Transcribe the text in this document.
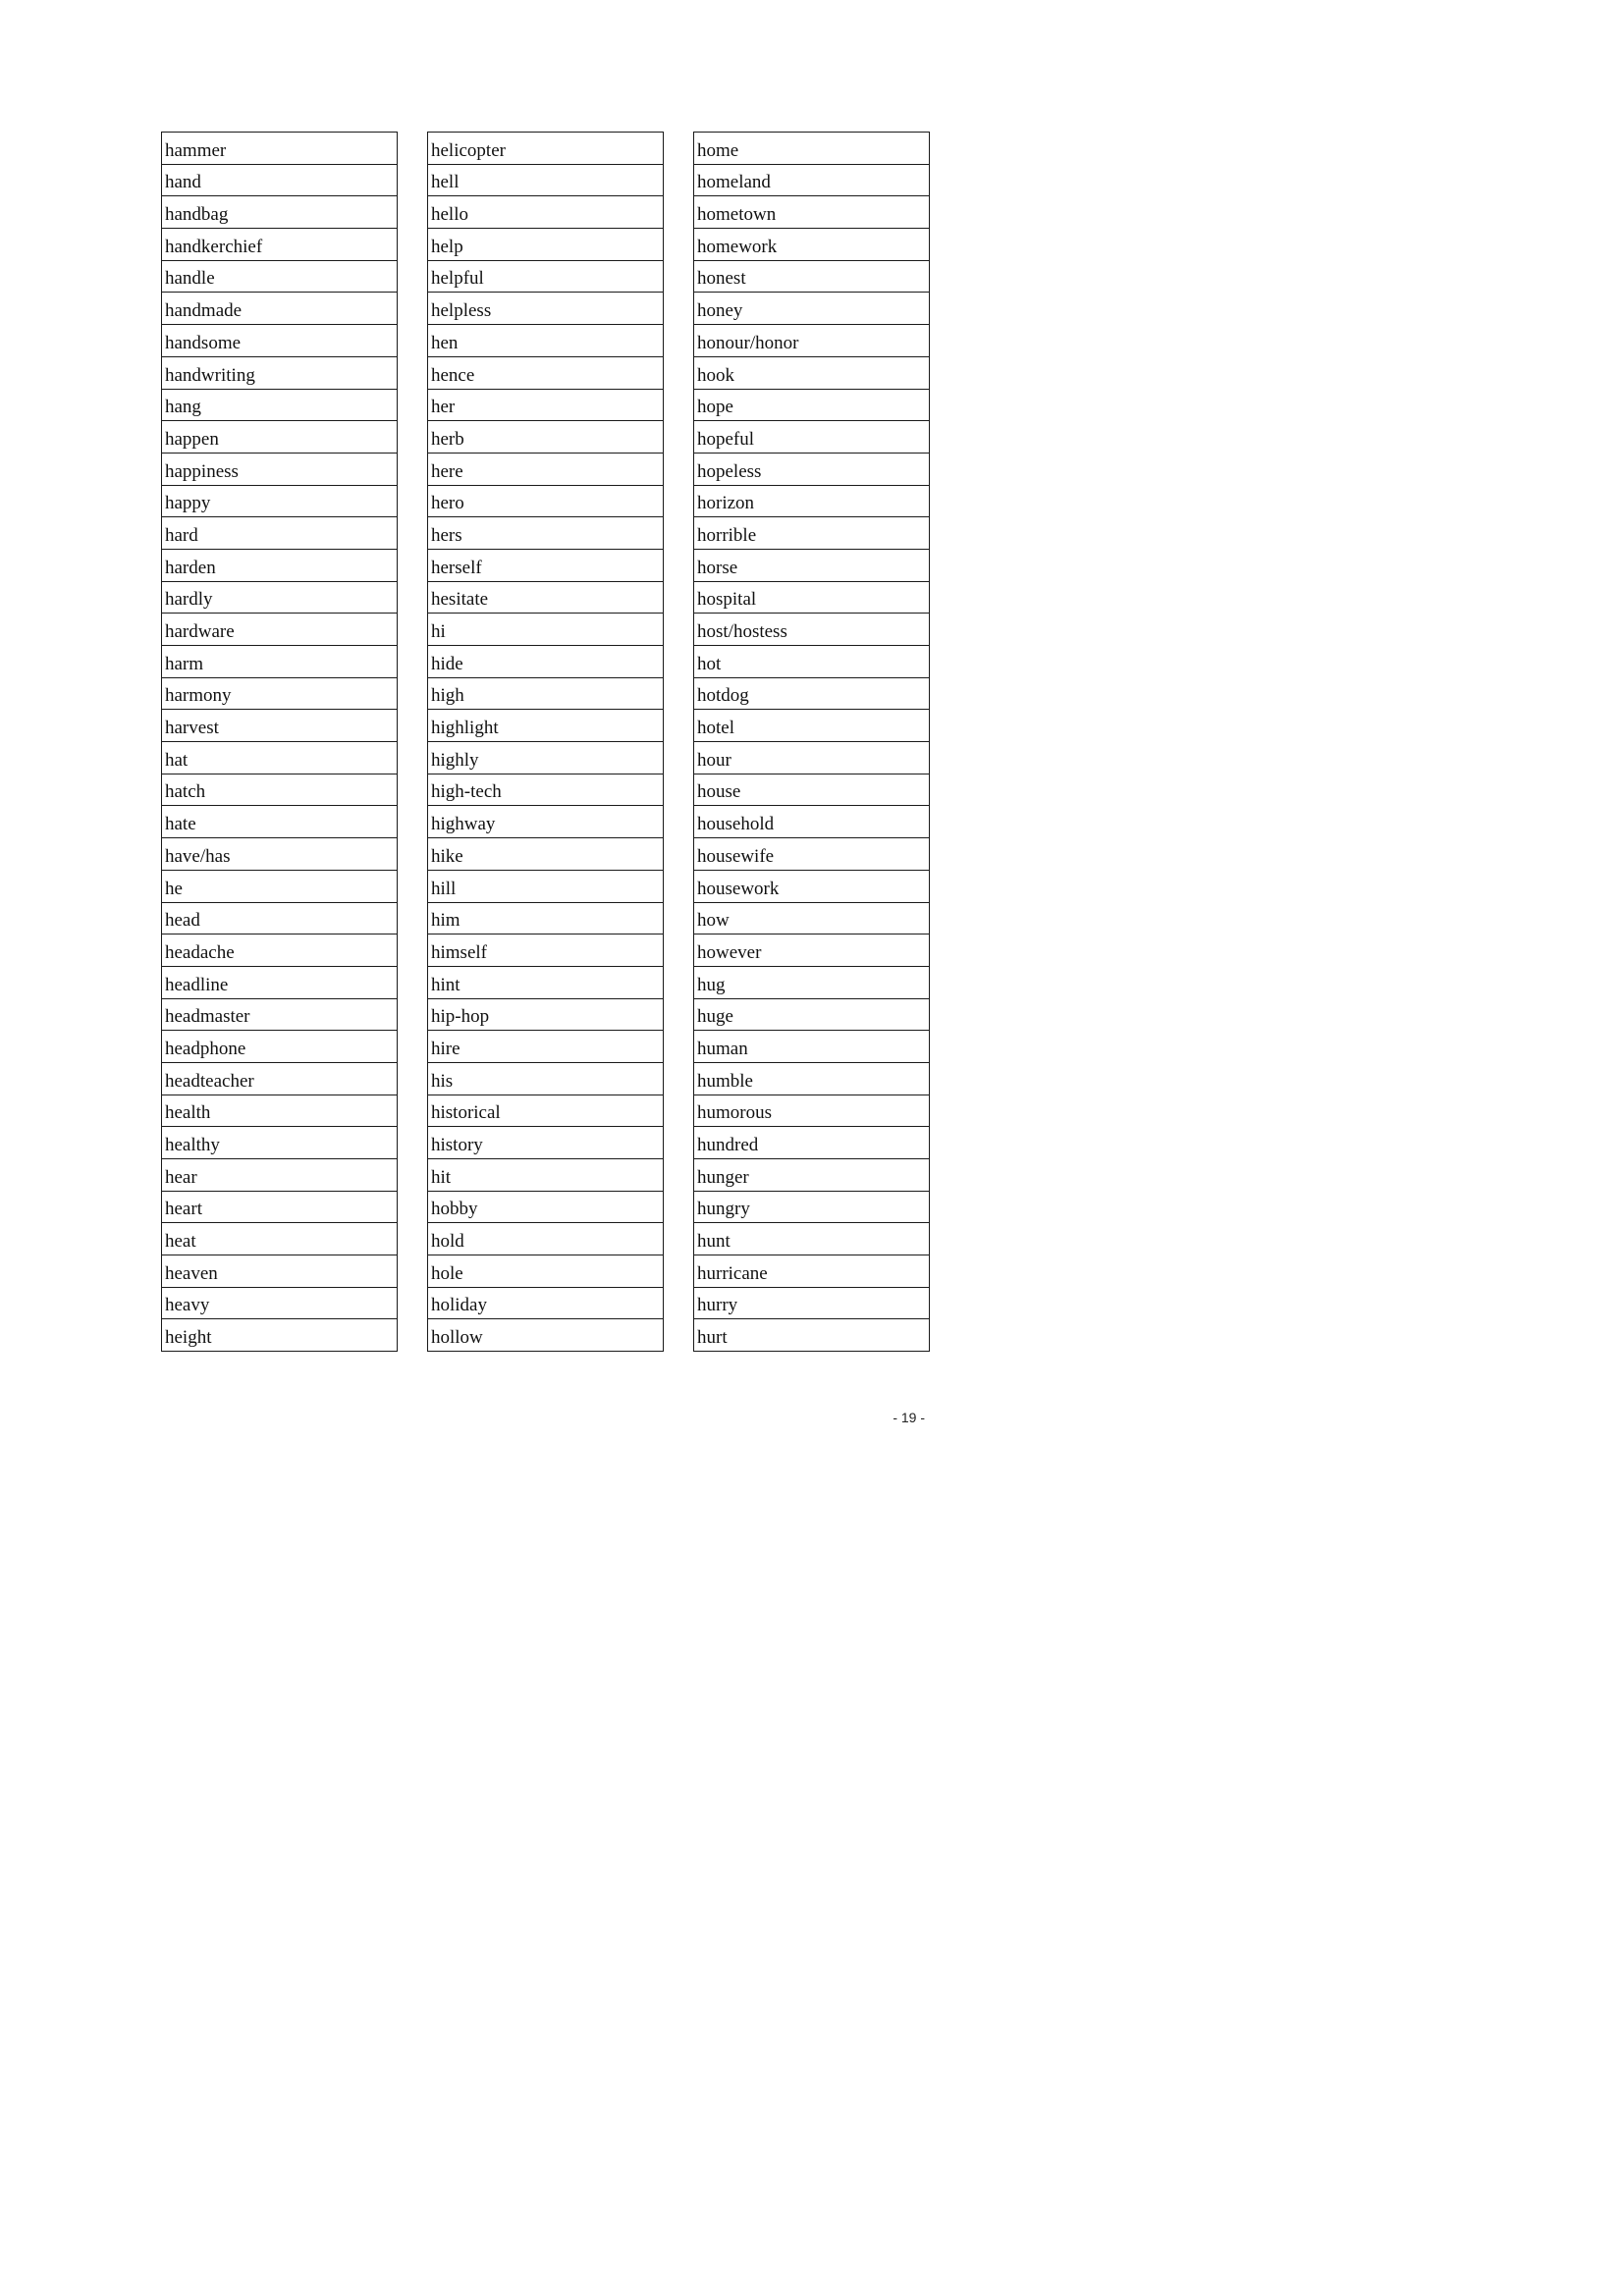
hammer
hand
handbag
handkerchief
handle
handmade
handsome
handwriting
hang
happen
happiness
happy
hard
harden
hardly
hardware
harm
harmony
harvest
hat
hatch
hate
have/has
he
head
headache
headline
headmaster
headphone
headteacher
health
healthy
hear
heart
heat
heaven
heavy
height
helicopter
hell
hello
help
helpful
helpless
hen
hence
her
herb
here
hero
hers
herself
hesitate
hi
hide
high
highlight
highly
high-tech
highway
hike
hill
him
himself
hint
hip-hop
hire
his
historical
history
hit
hobby
hold
hole
holiday
hollow
home
homeland
hometown
homework
honest
honey
honour/honor
hook
hope
hopeful
hopeless
horizon
horrible
horse
hospital
host/hostess
hot
hotdog
hotel
hour
house
household
housewife
housework
how
however
hug
huge
human
humble
humorous
hundred
hunger
hungry
hunt
hurricane
hurry
hurt
- 19 -
